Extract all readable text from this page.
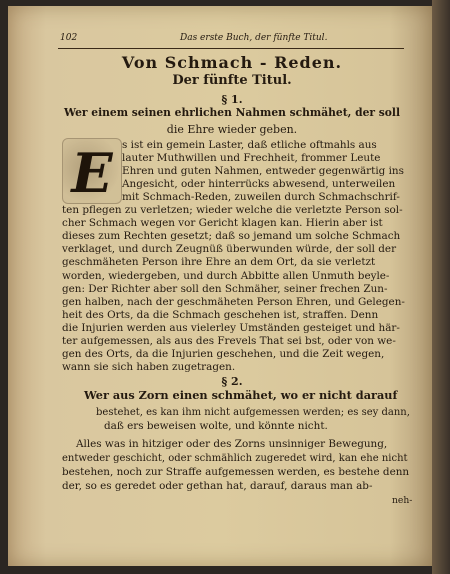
102	Das erste Buch, der fünfte Titul.
Von Schmach - Reden.
Der fünfte Titul.
§ 1.
Wer einem seinen ehrlichen Nahmen schmähet, der soll
die Ehre wieder geben.
E s ist ein gemein Laster, daß etliche oftmahls aus
lauter Muthwillen und Frechheit, frommer Leute
Ehren und guten Nahmen, entweder gegenwärtig ins
Angesicht, oder hinterrücks abwesend, unterweilen
mit Schmach-Reden, zuweilen durch Schmachschrif-
ten pflegen zu verletzen; wieder welche die verletzte Person sol-
cher Schmach wegen vor Gericht klagen kan. Hierin aber ist
dieses zum Rechten gesetzt; daß so jemand um solche Schmach
verklaget, und durch Zeugnüß überwunden würde, der soll der
geschmäheten Person ihre Ehre an dem Ort, da sie verletzt
worden, wiedergeben, und durch Abbitte allen Unmuth beyle-
gen: Der Richter aber soll den Schmäher, seiner frechen Zun-
gen halben, nach der geschmäheten Person Ehren, und Gelegen-
heit des Orts, da die Schmach geschehen ist, straffen. Denn
die Injurien werden aus vielerley Umständen gesteiget und här-
ter aufgemessen, als aus des Frevels That sei bst, oder von we-
gen des Orts, da die Injurien geschehen, und die Zeit wegen,
wann sie sich haben zugetragen.
§ 2.
Wer aus Zorn einen schmähet, wo er nicht darauf
bestehet, es kan ihm nicht aufgemessen werden; es sey dann,
daß ers beweisen wolte, und könnte nicht.
Alles was in hitziger oder des Zorns unsinniger Bewegung,
entweder geschicht, oder schmählich zugeredet wird, kan ehe nicht
bestehen, noch zur Straffe aufgemessen werden, es bestehe denn
der, so es geredet oder gethan hat, darauf, daraus man ab-
neh-
